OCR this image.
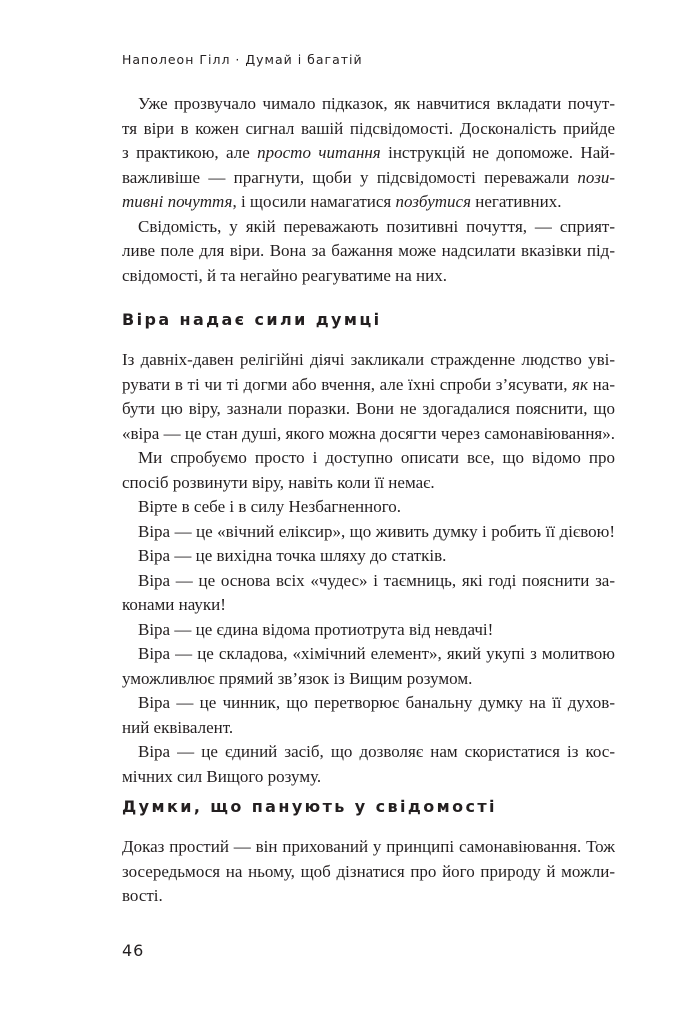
Наполеон Гілл · Думай і багатій
Уже прозвучало чимало підказок, як навчитися вкладати почут-
тя віри в кожен сигнал вашій підсвідомості. Досконалість прийде
з практикою, але просто читання інструкцій не допоможе. Най-
важливіше — прагнути, щоби у підсвідомості переважали пози-
тивні почуття, і щосили намагатися позбутися негативних.
Свідомість, у якій переважають позитивні почуття, — сприят-
ливе поле для віри. Вона за бажання може надсилати вказівки під-
свідомості, й та негайно реагуватиме на них.
Віра надає сили думці
Із давніх-давен релігійні діячі закликали стражденне людство уві-
рувати в ті чи ті догми або вчення, але їхні спроби з’ясувати, як на-
бути цю віру, зазнали поразки. Вони не здогадалися пояснити, що
«віра — це стан душі, якого можна досягти через самонавіювання».
Ми спробуємо просто і доступно описати все, що відомо про
спосіб розвинути віру, навіть коли її немає.
Вірте в себе і в силу Незбагненного.
Віра — це «вічний еліксир», що живить думку і робить її дієвою!
Віра — це вихідна точка шляху до статків.
Віра — це основа всіх «чудес» і таємниць, які годі пояснити за-
конами науки!
Віра — це єдина відома протиотрута від невдачі!
Віра — це складова, «хімічний елемент», який укупі з молитвою
уможливлює прямий зв’язок із Вищим розумом.
Віра — це чинник, що перетворює банальну думку на її духов-
ний еквівалент.
Віра — це єдиний засіб, що дозволяє нам скористатися із кос-
мічних сил Вищого розуму.
Думки, що панують у свідомості
Доказ простий — він прихований у принципі самонавіювання. Тож
зосередьмося на ньому, щоб дізнатися про його природу й можли-
вості.
46
